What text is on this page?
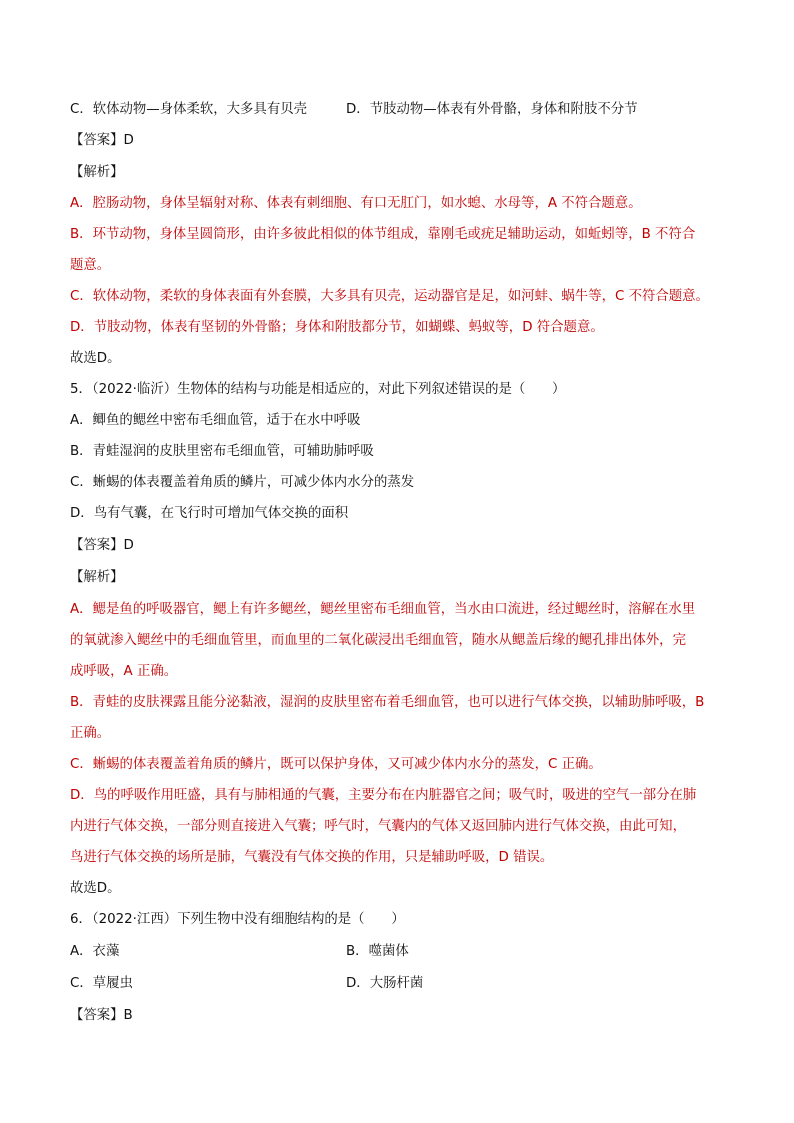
C．软体动物—身体柔软，大多具有贝壳	D．节肢动物—体表有外骨骼，身体和附肢不分节
【答案】D
【解析】
A．腔肠动物，身体呈辐射对称、体表有刺细胞、有口无肛门，如水螅、水母等，A 不符合题意。
B．环节动物，身体呈圆筒形，由许多彼此相似的体节组成，靠刚毛或疣足辅助运动，如蚯蚓等，B 不符合
题意。
C．软体动物，柔软的身体表面有外套膜，大多具有贝壳，运动器官是足，如河蚌、蜗牛等，C 不符合题意。
D．节肢动物，体表有坚韧的外骨骼；身体和附肢都分节，如蝴蝶、蚂蚁等，D 符合题意。
故选D。
5．（2022·临沂）生物体的结构与功能是相适应的，对此下列叙述错误的是（　　）
A．鲫鱼的鳃丝中密布毛细血管，适于在水中呼吸
B．青蛙湿润的皮肤里密布毛细血管，可辅助肺呼吸
C．蜥蜴的体表覆盖着角质的鳞片，可减少体内水分的蒸发
D．鸟有气囊，在飞行时可增加气体交换的面积
【答案】D
【解析】
A．鳃是鱼的呼吸器官，鳃上有许多鳃丝，鳃丝里密布毛细血管，当水由口流进，经过鳃丝时，溶解在水里
的氧就渗入鳃丝中的毛细血管里，而血里的二氧化碳浸出毛细血管，随水从鳃盖后缘的鳃孔排出体外，完
成呼吸，A 正确。
B．青蛙的皮肤裸露且能分泌黏液，湿润的皮肤里密布着毛细血管，也可以进行气体交换，以辅助肺呼吸，B
正确。
C．蜥蜴的体表覆盖着角质的鳞片，既可以保护身体，又可减少体内水分的蒸发，C 正确。
D．鸟的呼吸作用旺盛，具有与肺相通的气囊，主要分布在内脏器官之间；吸气时，吸进的空气一部分在肺
内进行气体交换，一部分则直接进入气囊；呼气时，气囊内的气体又返回肺内进行气体交换，由此可知，
鸟进行气体交换的场所是肺，气囊没有气体交换的作用，只是辅助呼吸，D 错误。
故选D。
6．（2022·江西）下列生物中没有细胞结构的是（　　）
A．衣藻	B．噬菌体
C．草履虫	D．大肠杆菌
【答案】B
